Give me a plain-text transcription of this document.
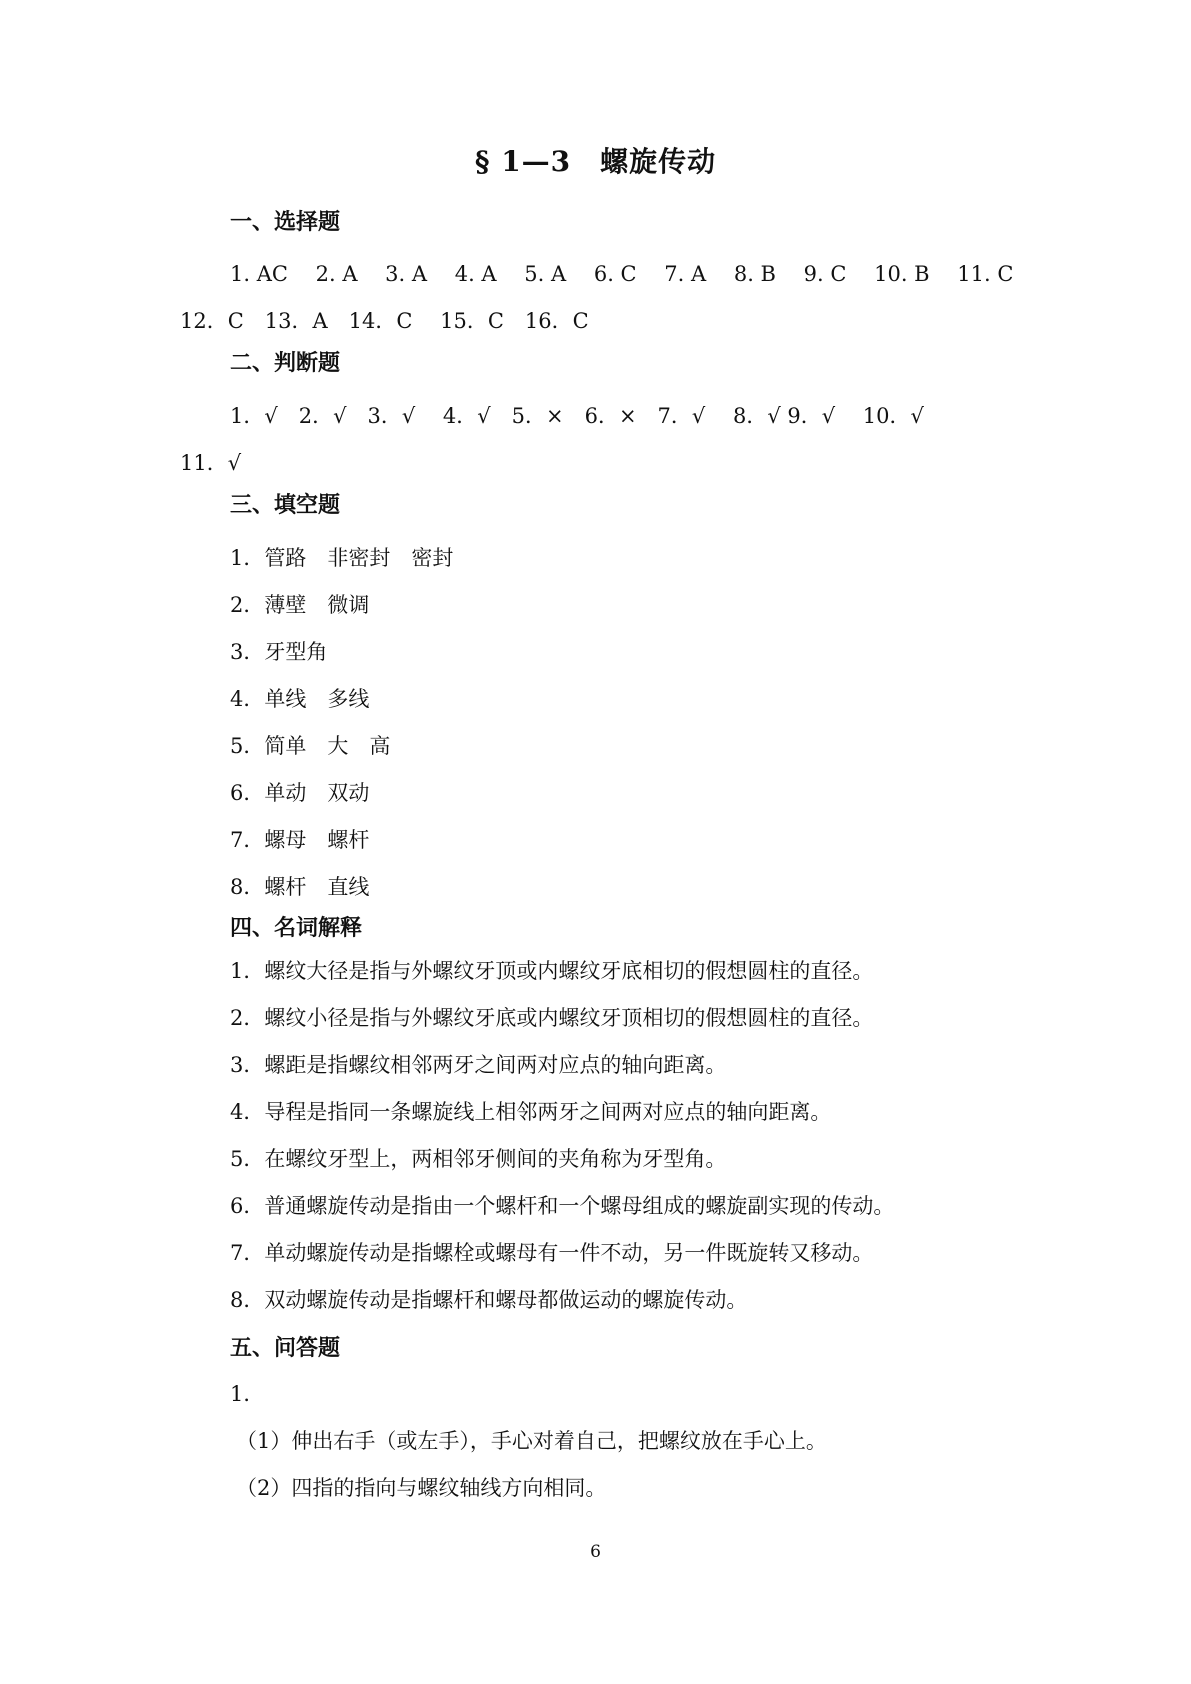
§ 1—3　螺旋传动
一、选择题
1. AC　 2. A　 3. A　 4. A　 5. A　 6. C　 7. A　 8. B　 9. C　 10. B　 11. C
12．C　13．A　14．C　 15．C　16．C
二、判断题
1．√　2．√　3．√　 4．√　5．×　6．×　7．√　 8．√ 9．√　 10．√
11．√
三、填空题
1．管路　非密封　密封
2．薄壁　微调
3．牙型角
4．单线　多线
5．简单　大　高
6．单动　双动
7．螺母　螺杆
8．螺杆　直线
四、名词解释
1．螺纹大径是指与外螺纹牙顶或内螺纹牙底相切的假想圆柱的直径。
2．螺纹小径是指与外螺纹牙底或内螺纹牙顶相切的假想圆柱的直径。
3．螺距是指螺纹相邻两牙之间两对应点的轴向距离。
4．导程是指同一条螺旋线上相邻两牙之间两对应点的轴向距离。
5．在螺纹牙型上，两相邻牙侧间的夹角称为牙型角。
6．普通螺旋传动是指由一个螺杆和一个螺母组成的螺旋副实现的传动。
7．单动螺旋传动是指螺栓或螺母有一件不动，另一件既旋转又移动。
8．双动螺旋传动是指螺杆和螺母都做运动的螺旋传动。
五、问答题
1．
（1）伸出右手（或左手），手心对着自己，把螺纹放在手心上。
（2）四指的指向与螺纹轴线方向相同。
6
